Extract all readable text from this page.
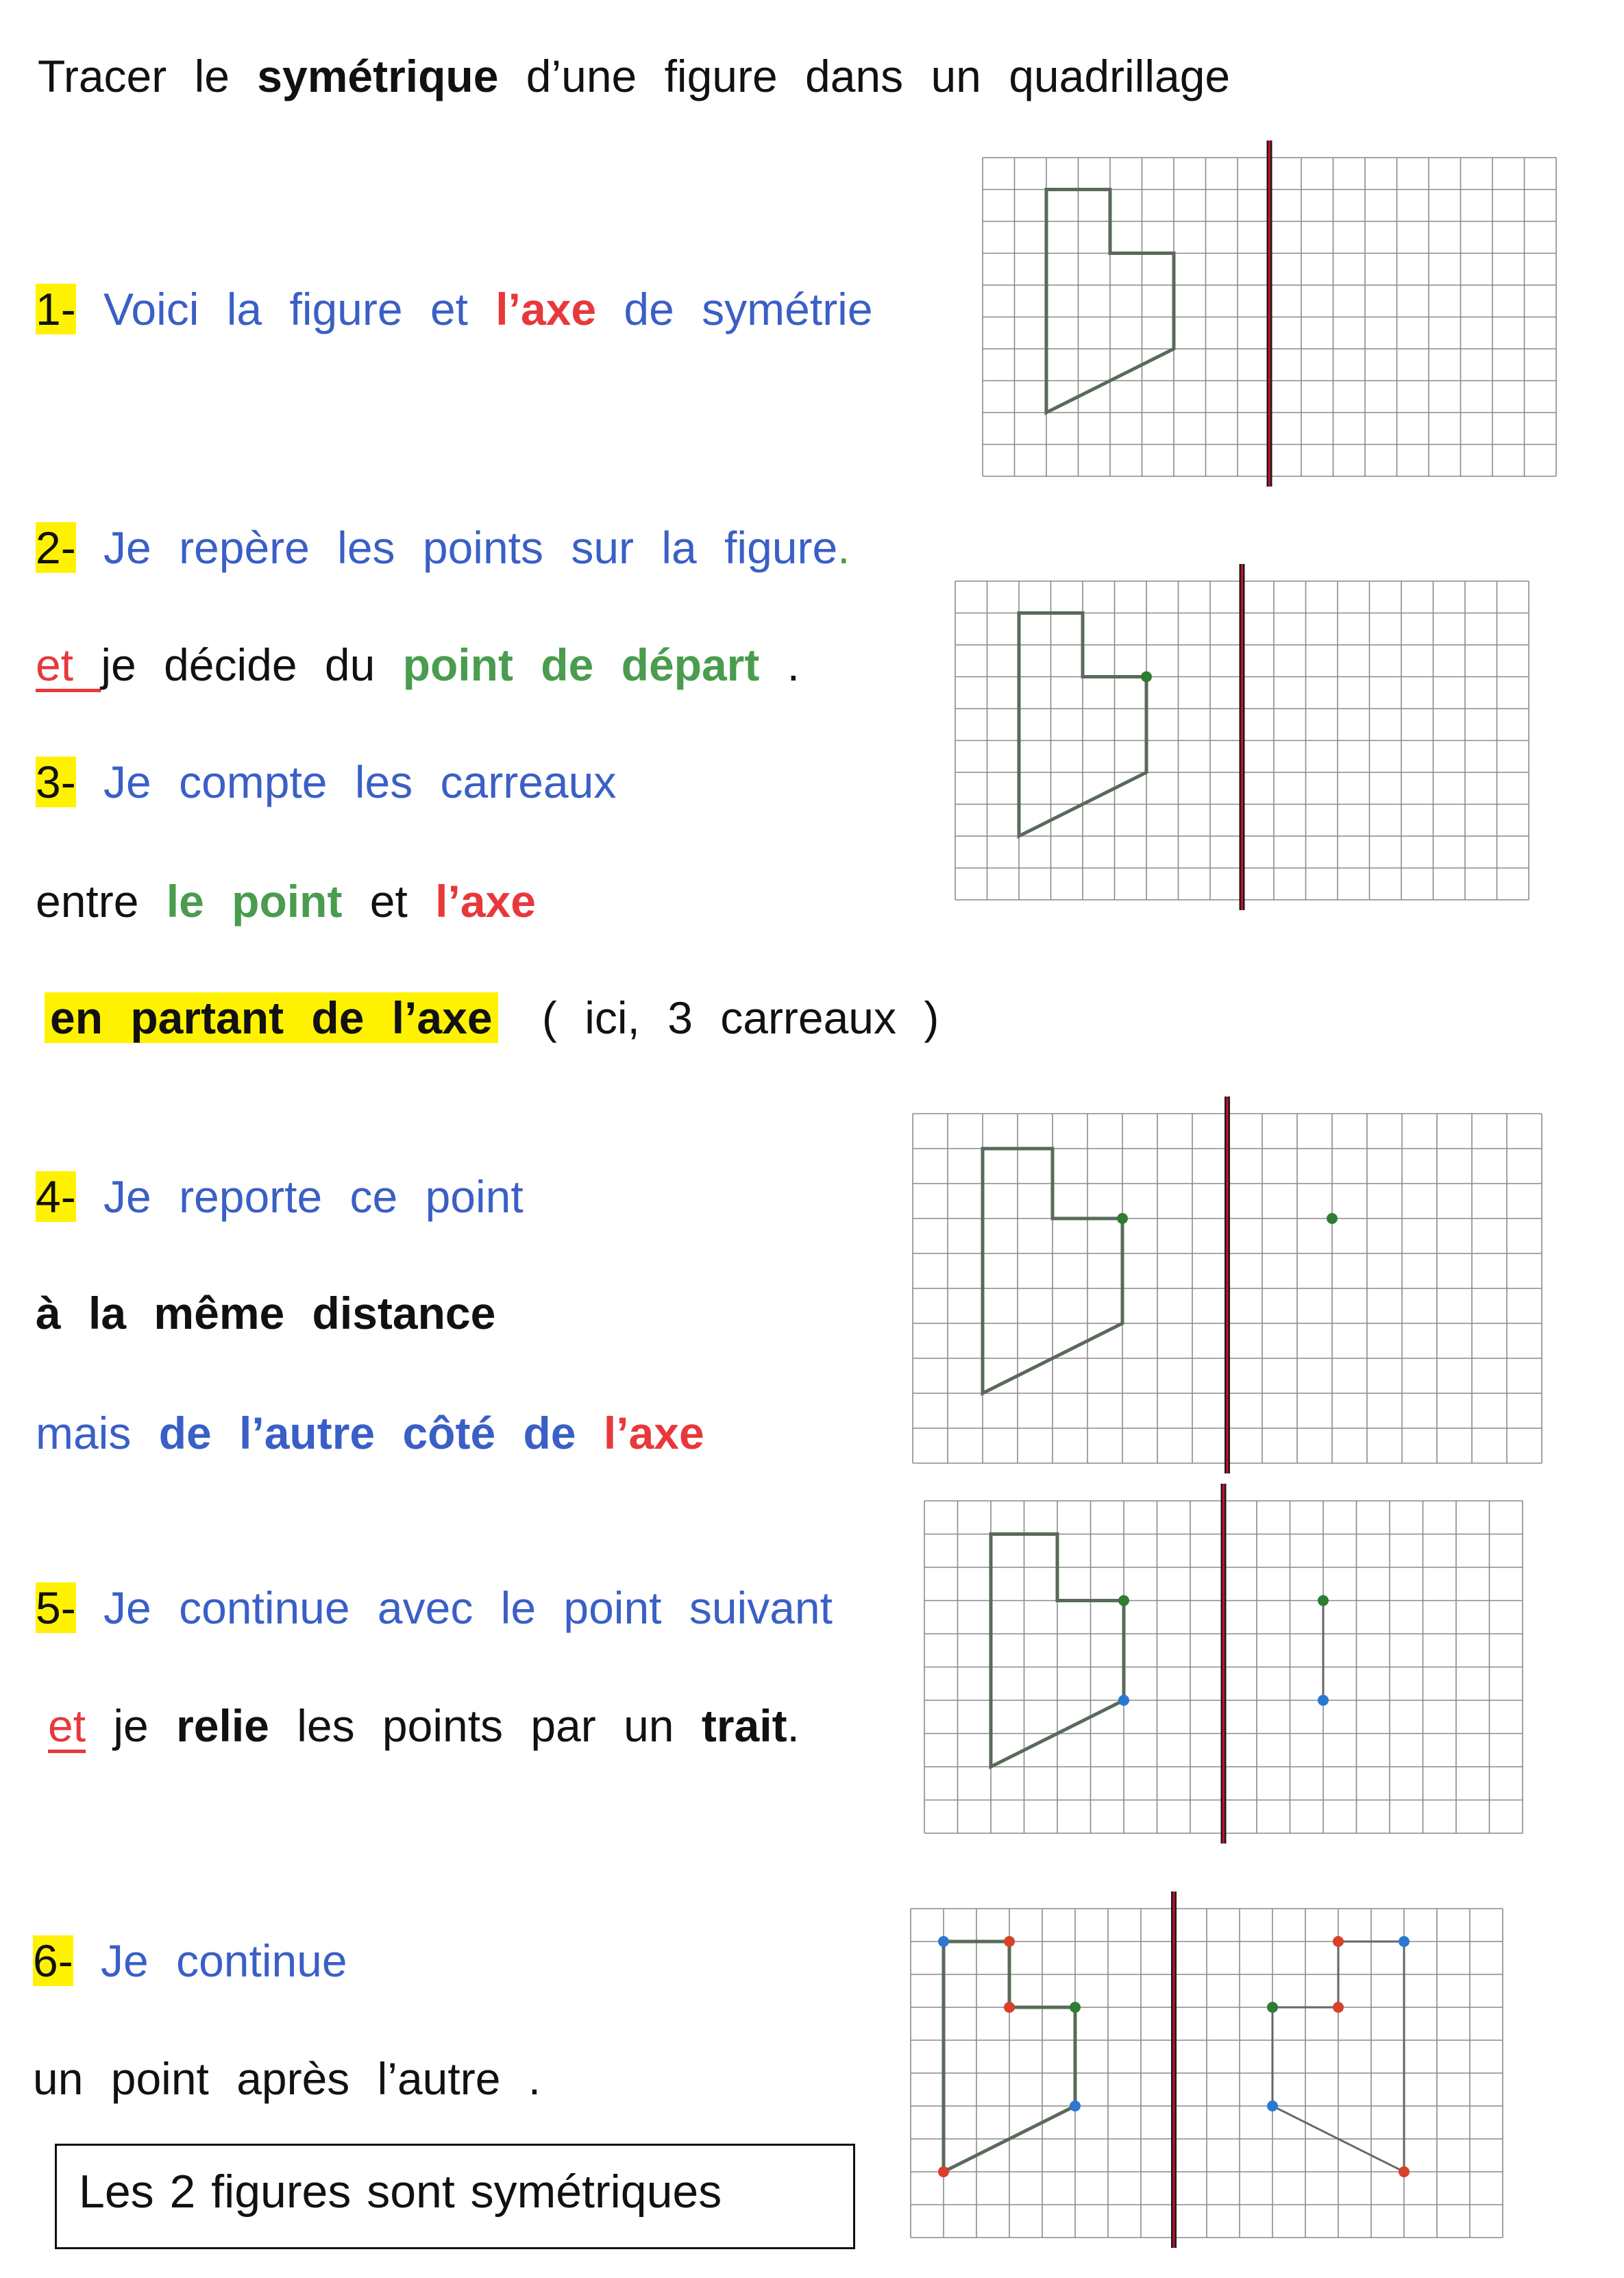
Tracer le symétrique d’une figure dans un quadrillage
1- Voici la figure et l’axe de symétrie
2- Je repère les points sur la figure.
et je décide du point de départ .
3- Je compte les carreaux
entre le point et l’axe
en partant de l’axe ( ici, 3 carreaux )
4- Je reporte ce point
à la même distance
mais de l’autre côté de l’axe
5- Je continue avec le point suivant
et je relie les points par un trait.
6- Je continue
un point après l’autre .
Les 2 figures sont symétriques
